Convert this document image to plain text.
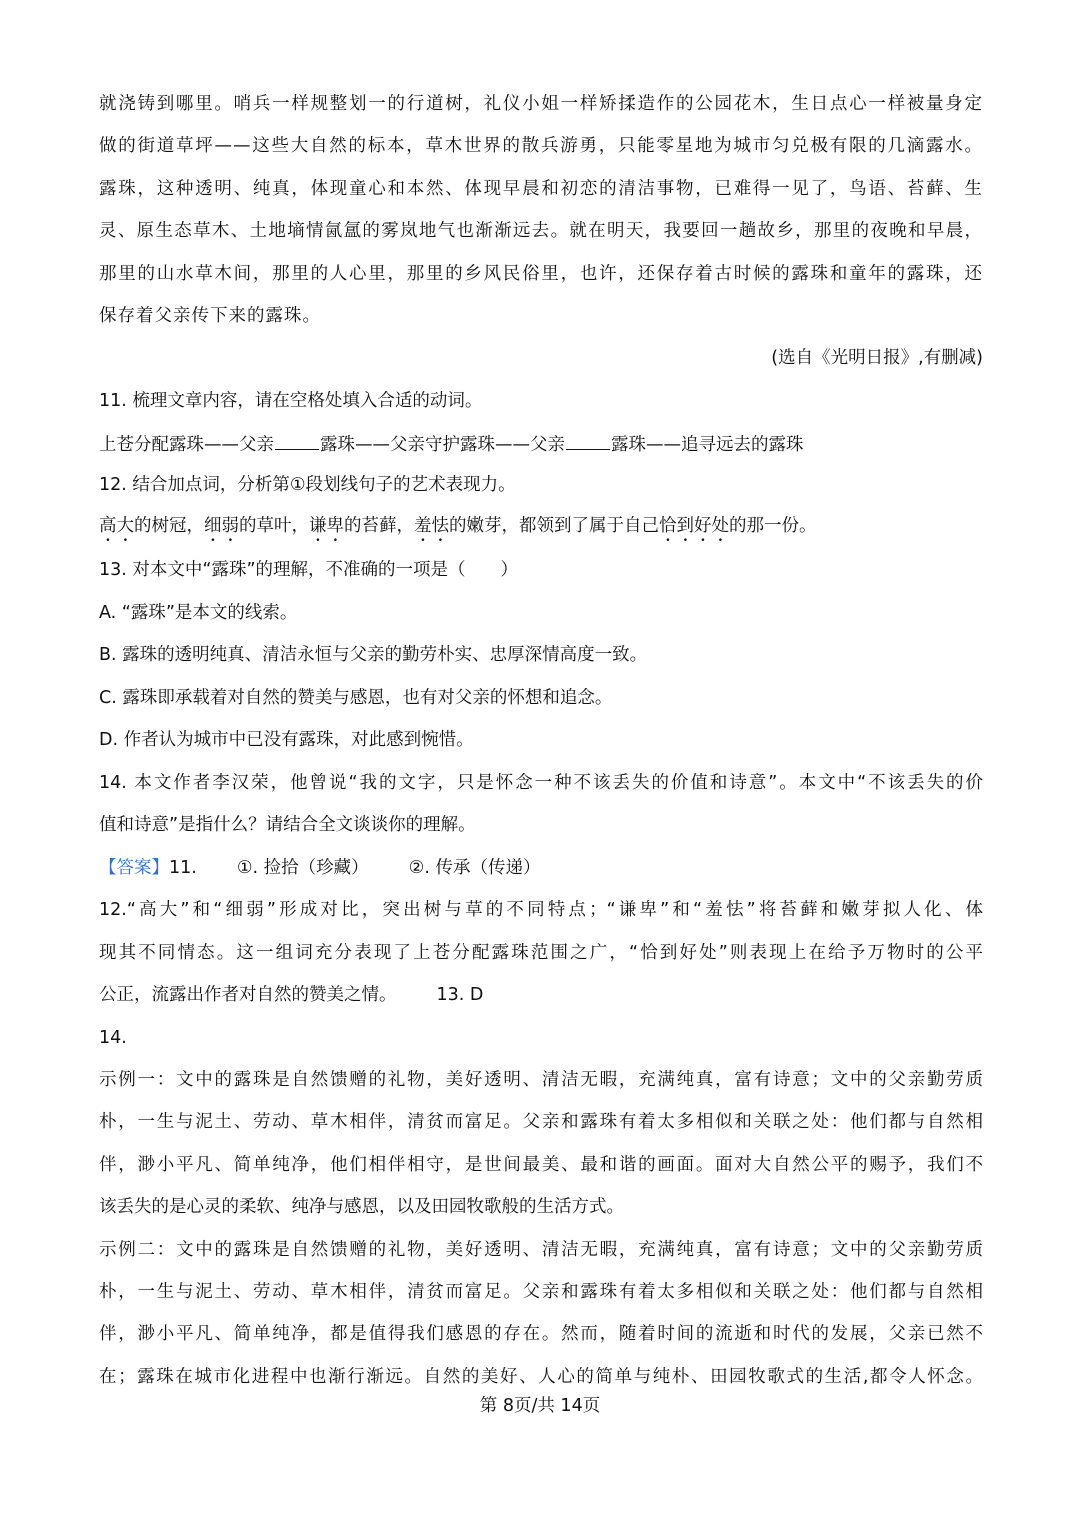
就浇铸到哪里。哨兵一样规整划一的行道树，礼仪小姐一样矫揉造作的公园花木，生日点心一样被量身定
做的街道草坪——这些大自然的标本，草木世界的散兵游勇，只能零星地为城市匀兑极有限的几滴露水。
露珠，这种透明、纯真，体现童心和本然、体现早晨和初恋的清洁事物，已难得一见了，鸟语、苔藓、生
灵、原生态草木、土地墒情氤氲的雾岚地气也渐渐远去。就在明天，我要回一趟故乡，那里的夜晚和早晨，
那里的山水草木间，那里的人心里，那里的乡风民俗里，也许，还保存着古时候的露珠和童年的露珠，还
保存着父亲传下来的露珠。
(选自《光明日报》,有删减)
11. 梳理文章内容，请在空格处填入合适的动词。
上苍分配露珠——父亲	露珠——父亲守护露珠——父亲	露珠——追寻远去的露珠
12. 结合加点词，分析第①段划线句子的艺术表现力。
高大的树冠，细弱的草叶，谦卑的苔藓，羞怯的嫩芽，都领到了属于自己恰到好处的那一份。
13. 对本文中“露珠”的理解，不准确的一项是（　　）
A. “露珠”是本文的线索。
B. 露珠的透明纯真、清洁永恒与父亲的勤劳朴实、忠厚深情高度一致。
C. 露珠即承载着对自然的赞美与感恩，也有对父亲的怀想和追念。
D. 作者认为城市中已没有露珠，对此感到惋惜。
14. 本文作者李汉荣，他曾说“我的文字，只是怀念一种不该丢失的价值和诗意”。本文中“不该丢失的价
值和诗意”是指什么？请结合全文谈谈你的理解。
【答案】11. ①. 捡拾（珍藏） ②. 传承（传递）
12.“高大”和“细弱”形成对比，突出树与草的不同特点；“谦卑”和“羞怯”将苔藓和嫩芽拟人化、体
现其不同情态。这一组词充分表现了上苍分配露珠范围之广，“恰到好处”则表现上在给予万物时的公平
公正，流露出作者对自然的赞美之情。 13. D
14.
示例一：文中的露珠是自然馈赠的礼物，美好透明、清洁无暇，充满纯真，富有诗意；文中的父亲勤劳质
朴，一生与泥土、劳动、草木相伴，清贫而富足。父亲和露珠有着太多相似和关联之处：他们都与自然相
伴，渺小平凡、简单纯净，他们相伴相守，是世间最美、最和谐的画面。面对大自然公平的赐予，我们不
该丢失的是心灵的柔软、纯净与感恩，以及田园牧歌般的生活方式。
示例二：文中的露珠是自然馈赠的礼物，美好透明、清洁无暇，充满纯真，富有诗意；文中的父亲勤劳质
朴，一生与泥土、劳动、草木相伴，清贫而富足。父亲和露珠有着太多相似和关联之处：他们都与自然相
伴，渺小平凡、简单纯净，都是值得我们感恩的存在。然而，随着时间的流逝和时代的发展，父亲已然不
在；露珠在城市化进程中也渐行渐远。自然的美好、人心的简单与纯朴、田园牧歌式的生活,都令人怀念。
第 8页/共 14页
